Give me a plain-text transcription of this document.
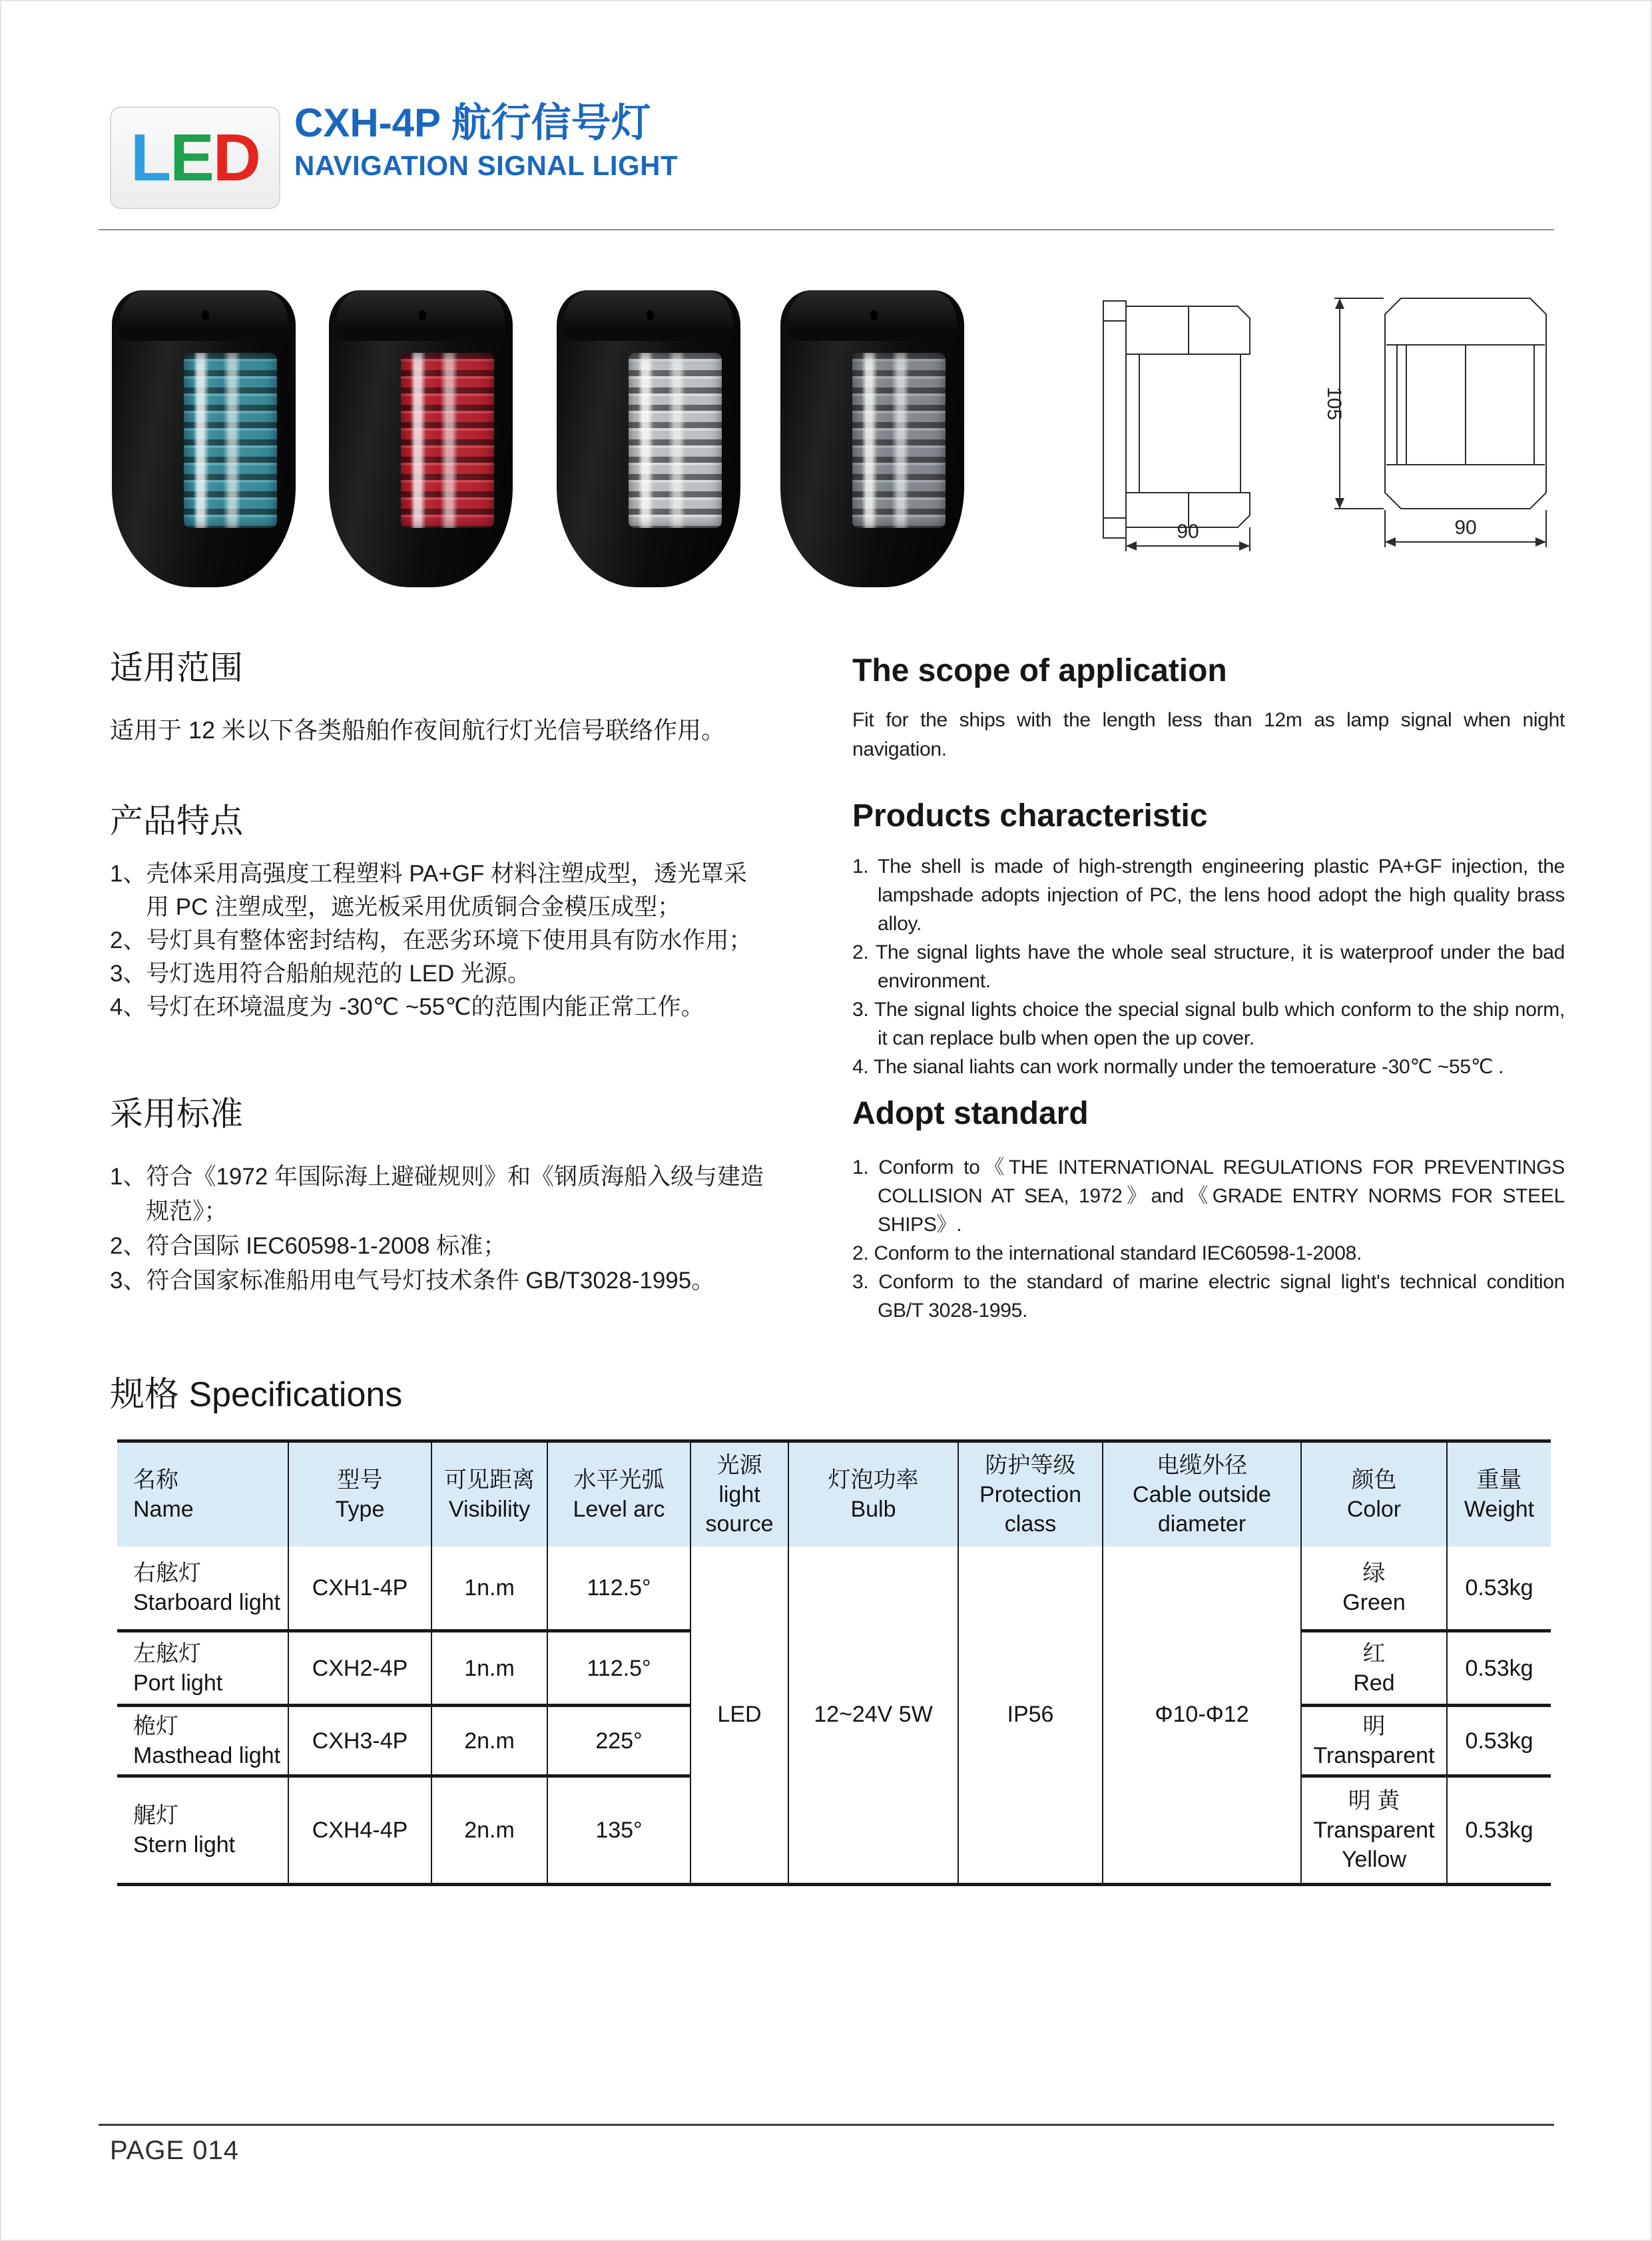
L E D CXH-4P 航行信号灯
NAVIGATION SIGNAL LIGHT
90
105
90
适用范围
适用于 12 米以下各类船舶作夜间航行灯光信号联络作用。
The scope of application
Fit for the ships with the length less than 12m as lamp signal when night navigation.
产品特点
1、壳体采用高强度工程塑料 PA+GF 材料注塑成型，透光罩采用 PC 注塑成型，遮光板采用优质铜合金模压成型；
2、号灯具有整体密封结构，在恶劣环境下使用具有防水作用；
3、号灯选用符合船舶规范的 LED 光源。
4、号灯在环境温度为 -30℃ ~55℃的范围内能正常工作。
Products characteristic
1. The shell is made of high-strength engineering plastic PA+GF injection, the lampshade adopts injection of PC, the lens hood adopt the high quality brass alloy.
2. The signal lights have the whole seal structure, it is waterproof under the bad environment.
3. The signal lights choice the special signal bulb which conform to the ship norm, it can replace bulb when open the up cover.
4. The sianal liahts can work normally under the temoerature -30℃ ~55℃ .
采用标准
1、符合《1972 年国际海上避碰规则》和《钢质海船入级与建造规范》；
2、符合国际 IEC60598-1-2008 标准；
3、符合国家标准船用电气号灯技术条件 GB/T3028-1995。
Adopt standard
1. Conform to《THE INTERNATIONAL REGULATIONS FOR PREVENTINGS COLLISION AT SEA, 1972》and《GRADE ENTRY NORMS FOR STEEL SHIPS》.
2. Conform to the international standard IEC60598-1-2008.
3. Conform to the standard of marine electric signal light's technical condition GB/T 3028-1995.
规格 Specifications
名称
Name	型号
Type	可见距离
Visibility	水平光弧
Level arc	光源
light source	灯泡功率
Bulb	防护等级
Protection class	电缆外径
Cable outside diameter	颜色
Color	重量
Weight

右舷灯
Starboard light	CXH1-4P	1n.m	112.5°	LED	12~24V 5W	IP56	Φ10-Φ12	绿
Green	0.53kg

左舷灯
Port light	CXH2-4P	1n.m	112.5°					红
Red	0.53kg

桅灯
Masthead light	CXH3-4P	2n.m	225°					明
Transparent	0.53kg

艉灯
Stern light	CXH4-4P	2n.m	135°					明 黄
Transparent Yellow	0.53kg
PAGE 014
